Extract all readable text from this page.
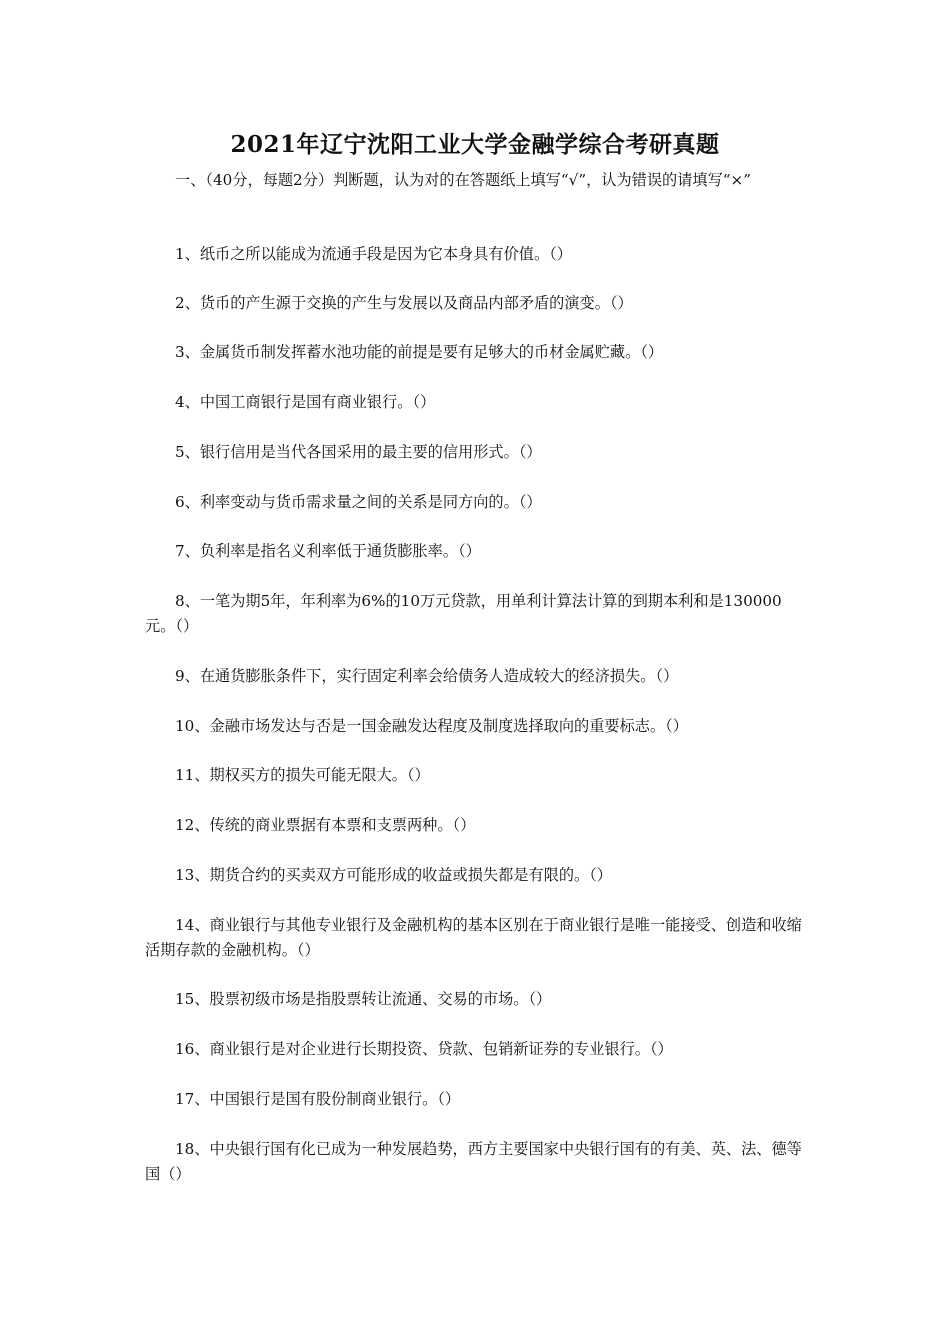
2021年辽宁沈阳工业大学金融学综合考研真题
一、（40分，每题2分）判断题，认为对的在答题纸上填写“√”，认为错误的请填写“×”
1、纸币之所以能成为流通手段是因为它本身具有价值。（）
2、货币的产生源于交换的产生与发展以及商品内部矛盾的演变。（）
3、金属货币制发挥蓄水池功能的前提是要有足够大的币材金属贮藏。（）
4、中国工商银行是国有商业银行。（）
5、银行信用是当代各国采用的最主要的信用形式。（）
6、利率变动与货币需求量之间的关系是同方向的。（）
7、负利率是指名义利率低于通货膨胀率。（）
8、一笔为期5年，年利率为6%的10万元贷款，用单利计算法计算的到期本利和是130000元。（）
9、在通货膨胀条件下，实行固定利率会给债务人造成较大的经济损失。（）
10、金融市场发达与否是一国金融发达程度及制度选择取向的重要标志。（）
11、期权买方的损失可能无限大。（）
12、传统的商业票据有本票和支票两种。（）
13、期货合约的买卖双方可能形成的收益或损失都是有限的。（）
14、商业银行与其他专业银行及金融机构的基本区别在于商业银行是唯一能接受、创造和收缩活期存款的金融机构。（）
15、股票初级市场是指股票转让流通、交易的市场。（）
16、商业银行是对企业进行长期投资、贷款、包销新证券的专业银行。（）
17、中国银行是国有股份制商业银行。（）
18、中央银行国有化已成为一种发展趋势，西方主要国家中央银行国有的有美、英、法、德等国（）
